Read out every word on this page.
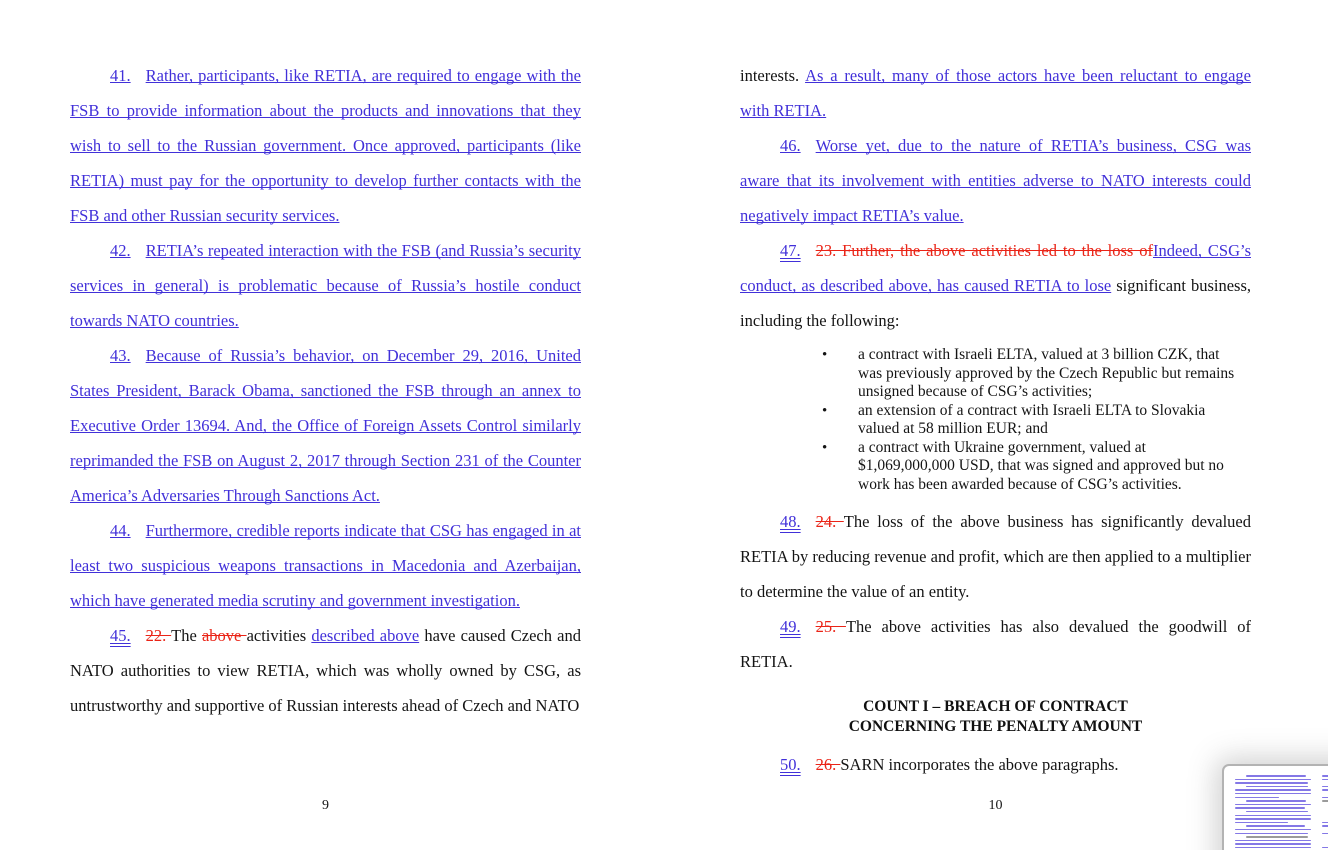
41. Rather, participants, like RETIA, are required to engage with the FSB to provide information about the products and innovations that they wish to sell to the Russian government. Once approved, participants (like RETIA) must pay for the opportunity to develop further contacts with the FSB and other Russian security services.

42. RETIA’s repeated interaction with the FSB (and Russia’s security services in general) is problematic because of Russia’s hostile conduct towards NATO countries.

43. Because of Russia’s behavior, on December 29, 2016, United States President, Barack Obama, sanctioned the FSB through an annex to Executive Order 13694. And, the Office of Foreign Assets Control similarly reprimanded the FSB on August 2, 2017 through Section 231 of the Counter America’s Adversaries Through Sanctions Act.

44. Furthermore, credible reports indicate that CSG has engaged in at least two suspicious weapons transactions in Macedonia and Azerbaijan, which have generated media scrutiny and government investigation.

45. 22. The above activities described above have caused Czech and NATO authorities to view RETIA, which was wholly owned by CSG, as untrustworthy and supportive of Russian interests ahead of Czech and NATO

interests. As a result, many of those actors have been reluctant to engage with RETIA.

46. Worse yet, due to the nature of RETIA’s business, CSG was aware that its involvement with entities adverse to NATO interests could negatively impact RETIA’s value.

47. 23. Further, the above activities led to the loss ofIndeed, CSG’s conduct, as described above, has caused RETIA to lose significant business, including the following:

• a contract with Israeli ELTA, valued at 3 billion CZK, that was previously approved by the Czech Republic but remains unsigned because of CSG’s activities;
• an extension of a contract with Israeli ELTA to Slovakia valued at 58 million EUR; and
• a contract with Ukraine government, valued at $1,069,000,000 USD, that was signed and approved but no work has been awarded because of CSG’s activities.

48. 24. The loss of the above business has significantly devalued RETIA by reducing revenue and profit, which are then applied to a multiplier to determine the value of an entity.

49. 25. The above activities has also devalued the goodwill of RETIA.

COUNT I – BREACH OF CONTRACT
CONCERNING THE PENALTY AMOUNT

50. 26. SARN incorporates the above paragraphs.

9	10
